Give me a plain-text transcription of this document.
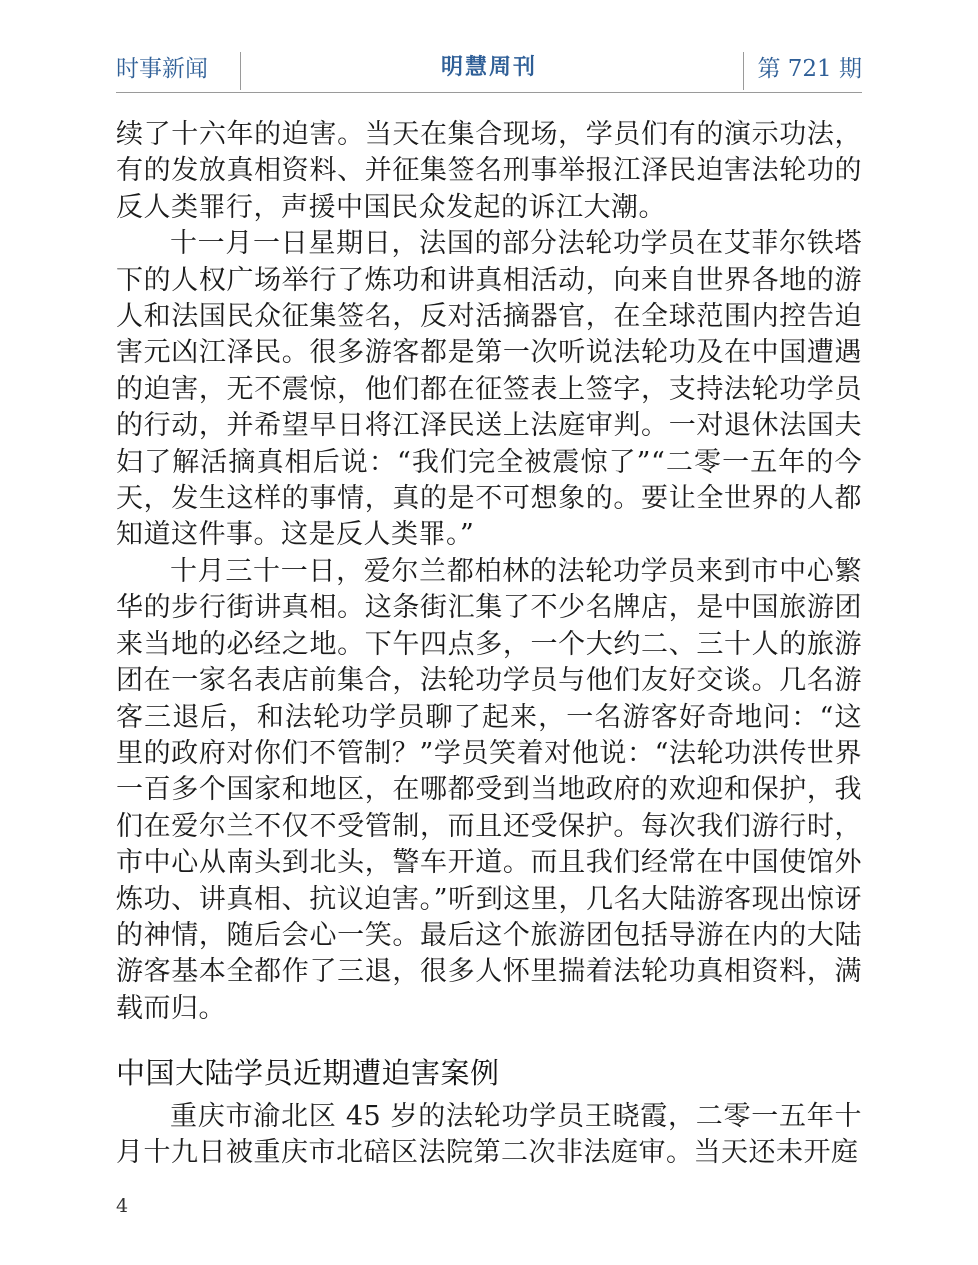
时事新闻	明慧周刊	第 721 期

续了十六年的迫害。当天在集合现场，学员们有的演示功法，有的发放真相资料、并征集签名刑事举报江泽民迫害法轮功的反人类罪行，声援中国民众发起的诉江大潮。

十一月一日星期日，法国的部分法轮功学员在艾菲尔铁塔下的人权广场举行了炼功和讲真相活动，向来自世界各地的游人和法国民众征集签名，反对活摘器官，在全球范围内控告迫害元凶江泽民。很多游客都是第一次听说法轮功及在中国遭遇的迫害，无不震惊，他们都在征签表上签字，支持法轮功学员的行动，并希望早日将江泽民送上法庭审判。一对退休法国夫妇了解活摘真相后说：“我们完全被震惊了”“二零一五年的今天，发生这样的事情，真的是不可想象的。要让全世界的人都知道这件事。这是反人类罪。”

十月三十一日，爱尔兰都柏林的法轮功学员来到市中心繁华的步行街讲真相。这条街汇集了不少名牌店，是中国旅游团来当地的必经之地。下午四点多，一个大约二、三十人的旅游团在一家名表店前集合，法轮功学员与他们友好交谈。几名游客三退后，和法轮功学员聊了起来，一名游客好奇地问：“这里的政府对你们不管制？”学员笑着对他说：“法轮功洪传世界一百多个国家和地区，在哪都受到当地政府的欢迎和保护，我们在爱尔兰不仅不受管制，而且还受保护。每次我们游行时，市中心从南头到北头，警车开道。而且我们经常在中国使馆外炼功、讲真相、抗议迫害。”听到这里，几名大陆游客现出惊讶的神情，随后会心一笑。最后这个旅游团包括导游在内的大陆游客基本全都作了三退，很多人怀里揣着法轮功真相资料，满载而归。

中国大陆学员近期遭迫害案例

重庆市渝北区 45 岁的法轮功学员王晓霞，二零一五年十月十九日被重庆市北碚区法院第二次非法庭审。当天还未开庭

4
